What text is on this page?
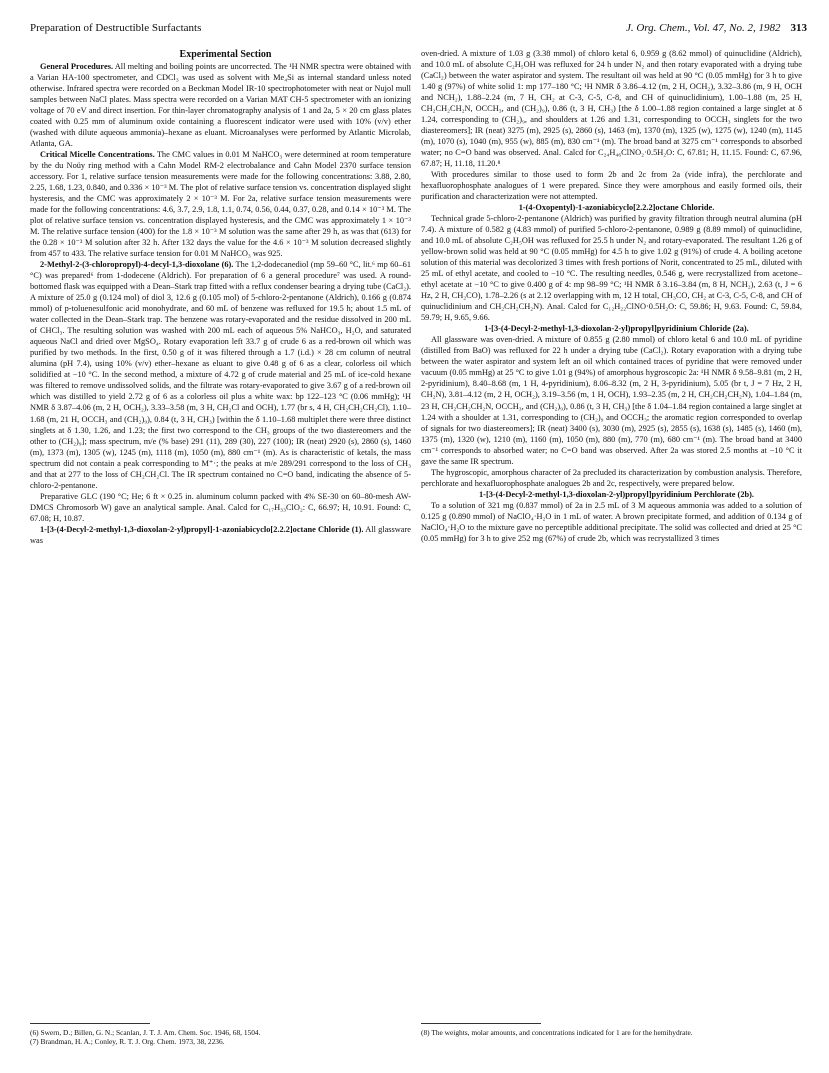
Preparation of Destructible Surfactants	J. Org. Chem., Vol. 47, No. 2, 1982 313

Experimental Section

General Procedures. All melting and boiling points are uncorrected. The ¹H NMR spectra were obtained with a Varian HA-100 spectrometer, and CDCl₃ was used as solvent with Me₄Si as internal standard unless noted otherwise. Infrared spectra were recorded on a Beckman Model IR-10 spectrophotometer with neat or Nujol mull samples between NaCl plates. Mass spectra were recorded on a Varian MAT CH-5 spectrometer with an ionizing voltage of 70 eV and direct insertion. For thin-layer chromatography analysis of 1 and 2a, 5 × 20 cm glass plates coated with 0.25 mm of aluminum oxide containing a fluorescent indicator were used with 10% (v/v) ether (washed with dilute aqueous ammonia)–hexane as eluant. Microanalyses were performed by Atlantic Microlab, Atlanta, GA.

Critical Micelle Concentrations. The CMC values in 0.01 M NaHCO₃ were determined at room temperature by the du Noüy ring method with a Cahn Model RM-2 electrobalance and Cahn Model 2370 surface tension accessory. For 1, relative surface tension measurements were made for the following concentrations: 3.88, 2.80, 2.25, 1.68, 1.23, 0.840, and 0.336 × 10⁻³ M. The plot of relative surface tension vs. concentration displayed slight hysteresis, and the CMC was approximately 2 × 10⁻³ M. For 2a, relative surface tension measurements were made for the following concentrations: 4.6, 3.7, 2.9, 1.8, 1.1, 0.74, 0.56, 0.44, 0.37, 0.28, and 0.14 × 10⁻³ M. The plot of relative surface tension vs. concentration displayed hysteresis, and the CMC was approximately 1 × 10⁻³ M. The relative surface tension (400) for the 1.8 × 10⁻³ M solution was the same after 29 h, as was that (613) for the 0.28 × 10⁻³ M solution after 32 h. After 132 days the value for the 4.6 × 10⁻³ M solution decreased slightly from 457 to 433. The relative surface tension for 0.01 M NaHCO₃ was 925.

2-Methyl-2-(3-chloropropyl)-4-decyl-1,3-dioxolane (6). The 1,2-dodecanediol (mp 59–60 °C, lit.⁶ mp 60–61 °C) was prepared⁶ from 1-dodecene (Aldrich). For preparation of 6 a general procedure⁷ was used. A round-bottomed flask was equipped with a Dean–Stark trap fitted with a reflux condenser bearing a drying tube (CaCl₂). A mixture of 25.0 g (0.124 mol) of diol 3, 12.6 g (0.105 mol) of 5-chloro-2-pentanone (Aldrich), 0.166 g (0.874 mmol) of p-toluenesulfonic acid monohydrate, and 60 mL of benzene was refluxed for 19.5 h; about 1.5 mL of water collected in the Dean–Stark trap. The benzene was rotary-evaporated and the residue dissolved in 200 mL of CHCl₃. The resulting solution was washed with 200 mL each of aqueous 5% NaHCO₃, H₂O, and saturated aqueous NaCl and dried over MgSO₄. Rotary evaporation left 33.7 g of crude 6 as a red-brown oil which was purified by two methods. In the first, 0.50 g of it was filtered through a 1.7 (i.d.) × 28 cm column of neutral alumina (pH 7.4), using 10% (v/v) ether–hexane as eluant to give 0.48 g of 6 as a clear, colorless oil which solidified at −10 °C. In the second method, a mixture of 4.72 g of crude material and 25 mL of ice-cold hexane was filtered to remove undissolved solids, and the filtrate was rotary-evaporated to give 3.67 g of a red-brown oil which was distilled to yield 2.72 g of 6 as a colorless oil plus a white wax: bp 122–123 °C (0.06 mmHg); ¹H NMR δ 3.87–4.06 (m, 2 H, OCH₂), 3.33–3.58 (m, 3 H, CH₂Cl and OCH), 1.77 (br s, 4 H, CH₂CH₂CH₂Cl), 1.10–1.68 (m, 21 H, OCCH₃ and (CH₂)₉), 0.84 (t, 3 H, CH₃) [within the δ 1.10–1.68 multiplet there were three distinct singlets at δ 1.30, 1.26, and 1.23; the first two correspond to the CH₃ groups of the two diastereomers and the other to (CH₂)₉]; mass spectrum, m/e (% base) 291 (11), 289 (30), 227 (100); IR (neat) 2920 (s), 2860 (s), 1460 (m), 1373 (m), 1305 (w), 1245 (m), 1118 (m), 1050 (m), 880 cm⁻¹ (m). As is characteristic of ketals, the mass spectrum did not contain a peak corresponding to M⁺·; the peaks at m/e 289/291 correspond to the loss of CH₃ and that at 277 to the loss of CH₂CH₂Cl. The IR spectrum contained no C=O band, indicating the absence of 5-chloro-2-pentanone.

Preparative GLC (190 °C; He; 6 ft × 0.25 in. aluminum column packed with 4% SE-30 on 60–80-mesh AW-DMCS Chromosorb W) gave an analytical sample. Anal. Calcd for C₁₇H₃₃ClO₂: C, 66.97; H, 10.91. Found: C, 67.08; H, 10.87.

1-[3-(4-Decyl-2-methyl-1,3-dioxolan-2-yl)propyl]-1-azoniabicyclo[2.2.2]octane Chloride (1). All glassware was

oven-dried. A mixture of 1.03 g (3.38 mmol) of chloro ketal 6, 0.959 g (8.62 mmol) of quinuclidine (Aldrich), and 10.0 mL of absolute C₂H₅OH was refluxed for 24 h under N₂ and then rotary evaporated with a drying tube (CaCl₂) between the water aspirator and system. The resultant oil was held at 90 °C (0.05 mmHg) for 3 h to give 1.40 g (97%) of white solid 1: mp 177–180 °C; ¹H NMR δ 3.86–4.12 (m, 2 H, OCH₂), 3.32–3.86 (m, 9 H, OCH and NCH₂), 1.88–2.24 (m, 7 H, CH₂ at C-3, C-5, C-8, and CH of quinuclidinium), 1.00–1.88 (m, 25 H, CH₂CH₂CH₂N, OCCH₃, and (CH₂)₉), 0.86 (t, 3 H, CH₃) [the δ 1.00–1.88 region contained a large singlet at δ 1.24, corresponding to (CH₂)₉, and shoulders at 1.26 and 1.31, corresponding to OCCH₃ singlets for the two diastereomers]; IR (neat) 3275 (m), 2925 (s), 2860 (s), 1463 (m), 1370 (m), 1325 (w), 1275 (w), 1240 (m), 1145 (m), 1070 (s), 1040 (m), 955 (w), 885 (m), 830 cm⁻¹ (m). The broad band at 3275 cm⁻¹ corresponds to absorbed water; no C=O band was observed. Anal. Calcd for C₂₄H₄₆ClNO₂·0.5H₂O: C, 67.81; H, 11.15. Found: C, 67.96, 67.87; H, 11.18, 11.20.⁸

With procedures similar to those used to form 2b and 2c from 2a (vide infra), the perchlorate and hexafluorophosphate analogues of 1 were prepared. Since they were amorphous and easily formed oils, their purification and characterization were not attempted.

1-(4-Oxopentyl)-1-azoniabicyclo[2.2.2]octane Chloride.

Technical grade 5-chloro-2-pentanone (Aldrich) was purified by gravity filtration through neutral alumina (pH 7.4). A mixture of 0.582 g (4.83 mmol) of purified 5-chloro-2-pentanone, 0.989 g (8.89 mmol) of quinuclidine, and 10.0 mL of absolute C₂H₅OH was refluxed for 25.5 h under N₂ and rotary-evaporated. The resultant 1.26 g of yellow-brown solid was held at 90 °C (0.05 mmHg) for 4.5 h to give 1.02 g (91%) of crude 4. A boiling acetone solution of this material was decolorized 3 times with fresh portions of Norit, concentrated to 25 mL, diluted with 25 mL of ethyl acetate, and cooled to −10 °C. The resulting needles, 0.546 g, were recrystallized from acetone–ethyl acetate at −10 °C to give 0.400 g of 4: mp 98–99 °C; ¹H NMR δ 3.16–3.84 (m, 8 H, NCH₂), 2.63 (t, J = 6 Hz, 2 H, CH₂CO), 1.78–2.26 (s at 2.12 overlapping with m, 12 H total, CH₃CO, CH₂ at C-3, C-5, C-8, and CH of quinuclidinium and CH₂CH₂CH₂N). Anal. Calcd for C₁₂H₂₂ClNO·0.5H₂O: C, 59.86; H, 9.63. Found: C, 59.84, 59.79; H, 9.65, 9.66.

1-[3-(4-Decyl-2-methyl-1,3-dioxolan-2-yl)propyl]pyridinium Chloride (2a).

All glassware was oven-dried. A mixture of 0.855 g (2.80 mmol) of chloro ketal 6 and 10.0 mL of pyridine (distilled from BaO) was refluxed for 22 h under a drying tube (CaCl₂). Rotary evaporation with a drying tube between the water aspirator and system left an oil which contained traces of pyridine that were removed under vacuum (0.05 mmHg) at 25 °C to give 1.01 g (94%) of amorphous hygroscopic 2a: ¹H NMR δ 9.58–9.81 (m, 2 H, 2-pyridinium), 8.40–8.68 (m, 1 H, 4-pyridinium), 8.06–8.32 (m, 2 H, 3-pyridinium), 5.05 (br t, J = 7 Hz, 2 H, CH₂N), 3.81–4.12 (m, 2 H, OCH₂), 3.19–3.56 (m, 1 H, OCH), 1.93–2.35 (m, 2 H, CH₂CH₂CH₂N), 1.04–1.84 (m, 23 H, CH₂CH₂CH₂N, OCCH₃, and (CH₂)₉), 0.86 (t, 3 H, CH₃) [the δ 1.04–1.84 region contained a large singlet at 1.24 with a shoulder at 1.31, corresponding to (CH₂)₉ and OCCH₃; the aromatic region corresponded to overlap of signals for two diastereomers]; IR (neat) 3400 (s), 3030 (m), 2925 (s), 2855 (s), 1638 (s), 1485 (s), 1460 (m), 1375 (m), 1320 (w), 1210 (m), 1160 (m), 1050 (m), 880 (m), 770 (m), 680 cm⁻¹ (m). The broad band at 3400 cm⁻¹ corresponds to absorbed water; no C=O band was observed. After 2a was stored 2.5 months at −10 °C it gave the same IR spectrum.

The hygroscopic, amorphous character of 2a precluded its characterization by combustion analysis. Therefore, perchlorate and hexafluorophosphate analogues 2b and 2c, respectively, were prepared below.

1-[3-(4-Decyl-2-methyl-1,3-dioxolan-2-yl)propyl]pyridinium Perchlorate (2b).

To a solution of 321 mg (0.837 mmol) of 2a in 2.5 mL of 3 M aqueous ammonia was added to a solution of 0.125 g (0.890 mmol) of NaClO₄·H₂O in 1 mL of water. A brown precipitate formed, and addition of 0.134 g of NaClO₄·H₂O to the mixture gave no perceptible additional precipitate. The solid was collected and dried at 25 °C (0.05 mmHg) for 3 h to give 252 mg (67%) of crude 2b, which was recrystallized 3 times

(6) Swern, D.; Billen, G. N.; Scanlan, J. T. J. Am. Chem. Soc. 1946, 68, 1504.

(7) Brandman, H. A.; Conley, R. T. J. Org. Chem. 1973, 38, 2236.

(8) The weights, molar amounts, and concentrations indicated for 1 are for the hemihydrate.
